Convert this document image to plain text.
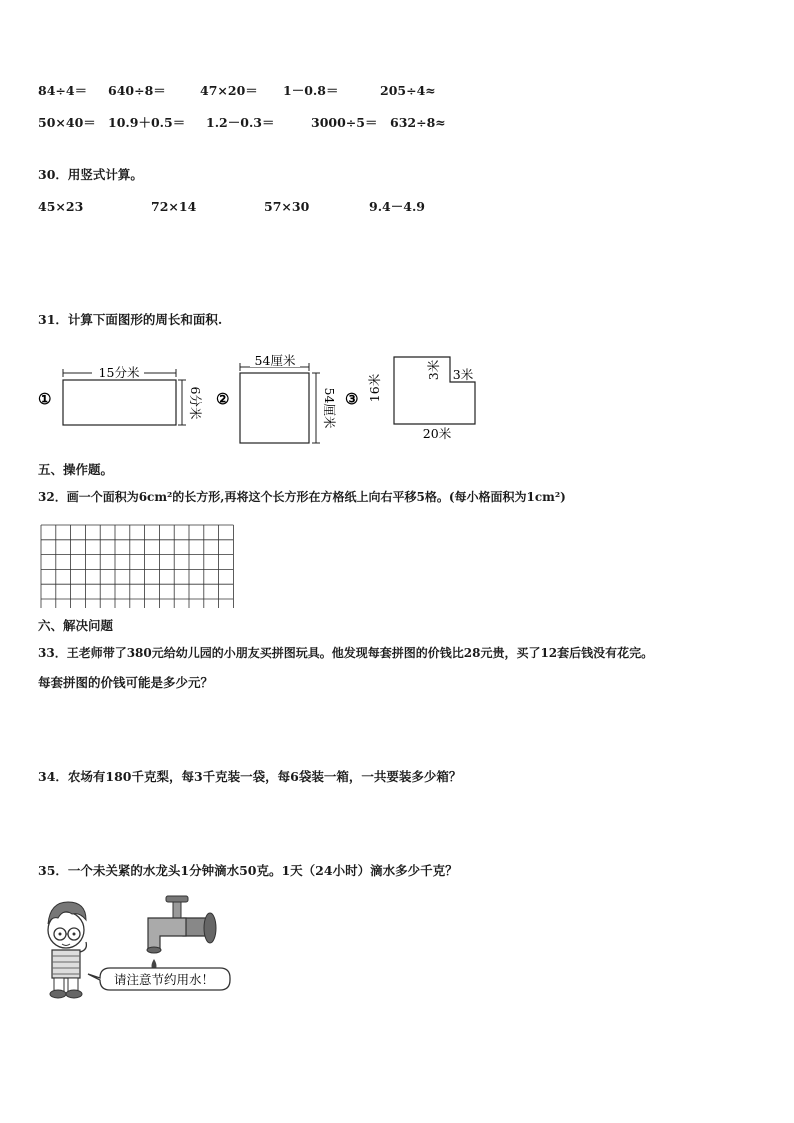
84÷4＝ 640÷8＝	47×20＝ 1－0.8＝	205÷4≈
50×40＝ 10.9＋0.5＝ 1.2－0.3＝	3000÷5＝ 632÷8≈
30．用竖式计算。
45×23	72×14	57×30	9.4－4.9
31．计算下面图形的周长和面积.
①
15分米
6分米 ②
54厘米
54厘米 ③ 16米
3米 3米
20米
五、操作题。
32．画一个面积为6cm²的长方形,再将这个长方形在方格纸上向右平移5格。(每小格面积为1cm²)
六、解决问题
33．王老师带了380元给幼儿园的小朋友买拼图玩具。他发现每套拼图的价钱比28元贵，买了12套后钱没有花完。
每套拼图的价钱可能是多少元？
34．农场有180千克梨，每3千克装一袋，每6袋装一箱，一共要装多少箱？
35．一个未关紧的水龙头1分钟滴水50克。1天（24小时）滴水多少千克？
请注意节约用水！
